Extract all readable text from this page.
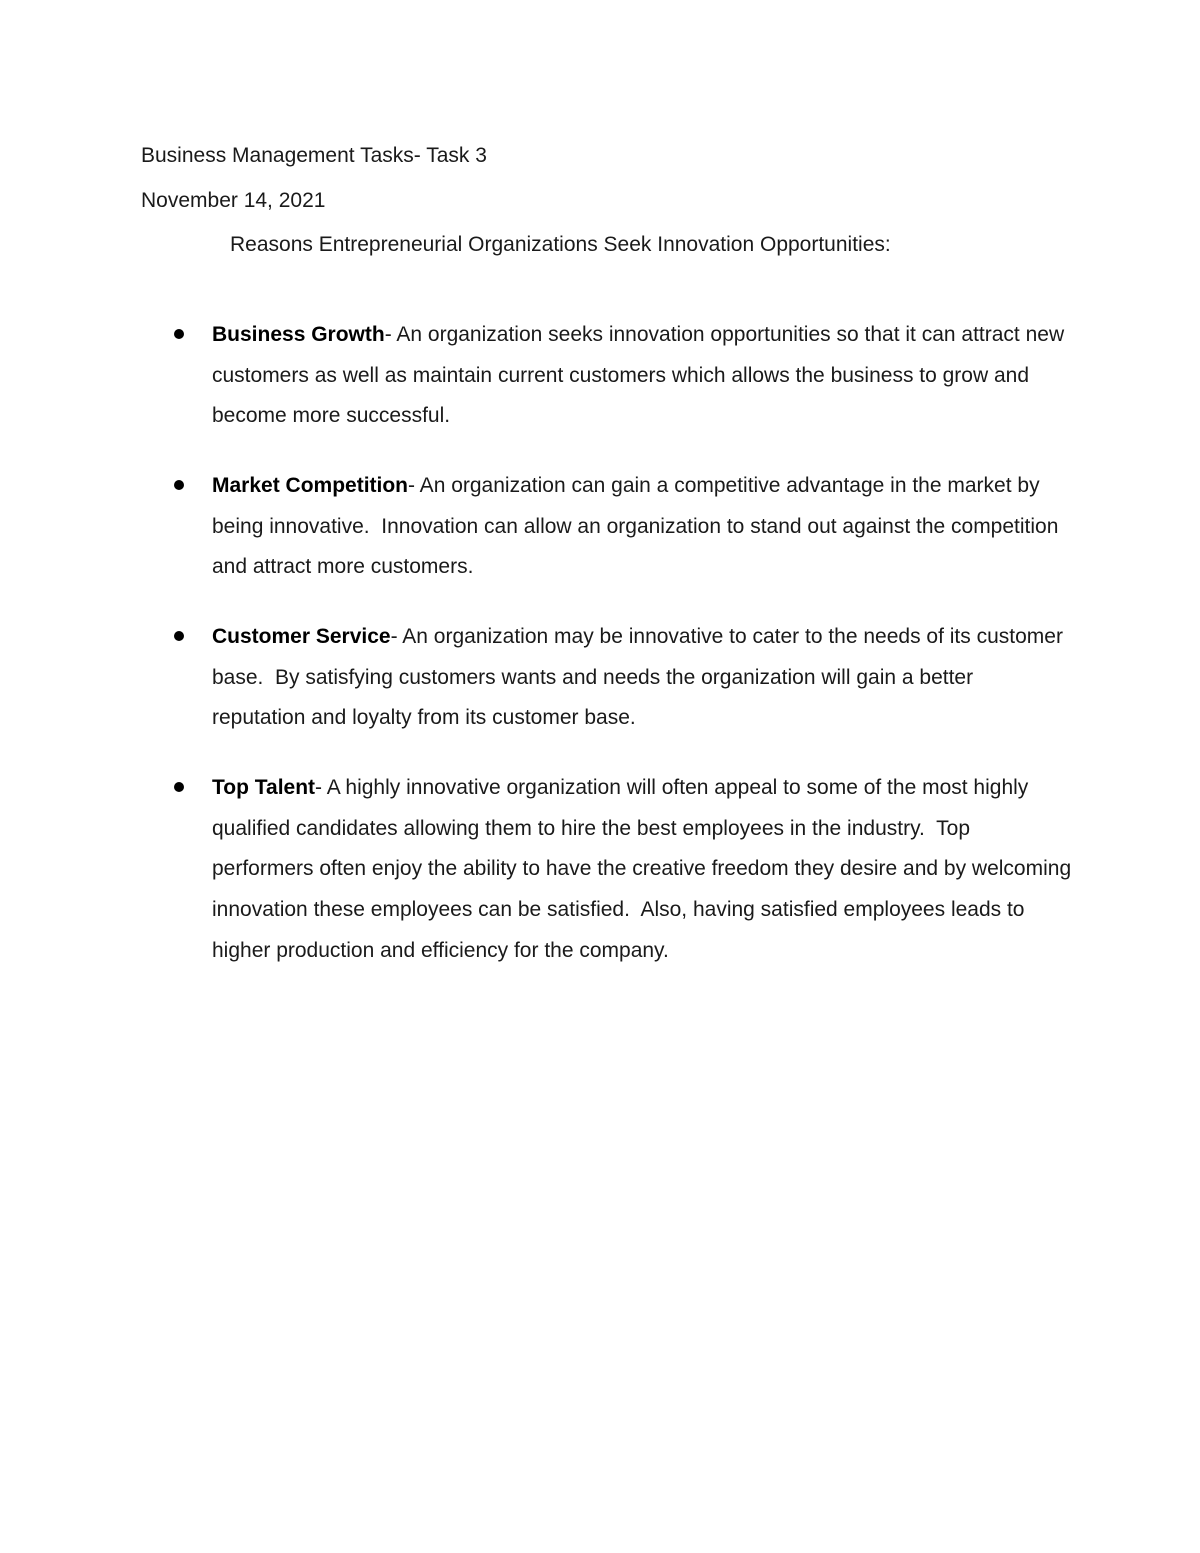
Business Management Tasks- Task 3
November 14, 2021
Reasons Entrepreneurial Organizations Seek Innovation Opportunities:
Business Growth- An organization seeks innovation opportunities so that it can attract new customers as well as maintain current customers which allows the business to grow and become more successful.
Market Competition- An organization can gain a competitive advantage in the market by being innovative.  Innovation can allow an organization to stand out against the competition and attract more customers.
Customer Service- An organization may be innovative to cater to the needs of its customer base.  By satisfying customers wants and needs the organization will gain a better reputation and loyalty from its customer base.
Top Talent- A highly innovative organization will often appeal to some of the most highly qualified candidates allowing them to hire the best employees in the industry.  Top performers often enjoy the ability to have the creative freedom they desire and by welcoming innovation these employees can be satisfied.  Also, having satisfied employees leads to higher production and efficiency for the company.
